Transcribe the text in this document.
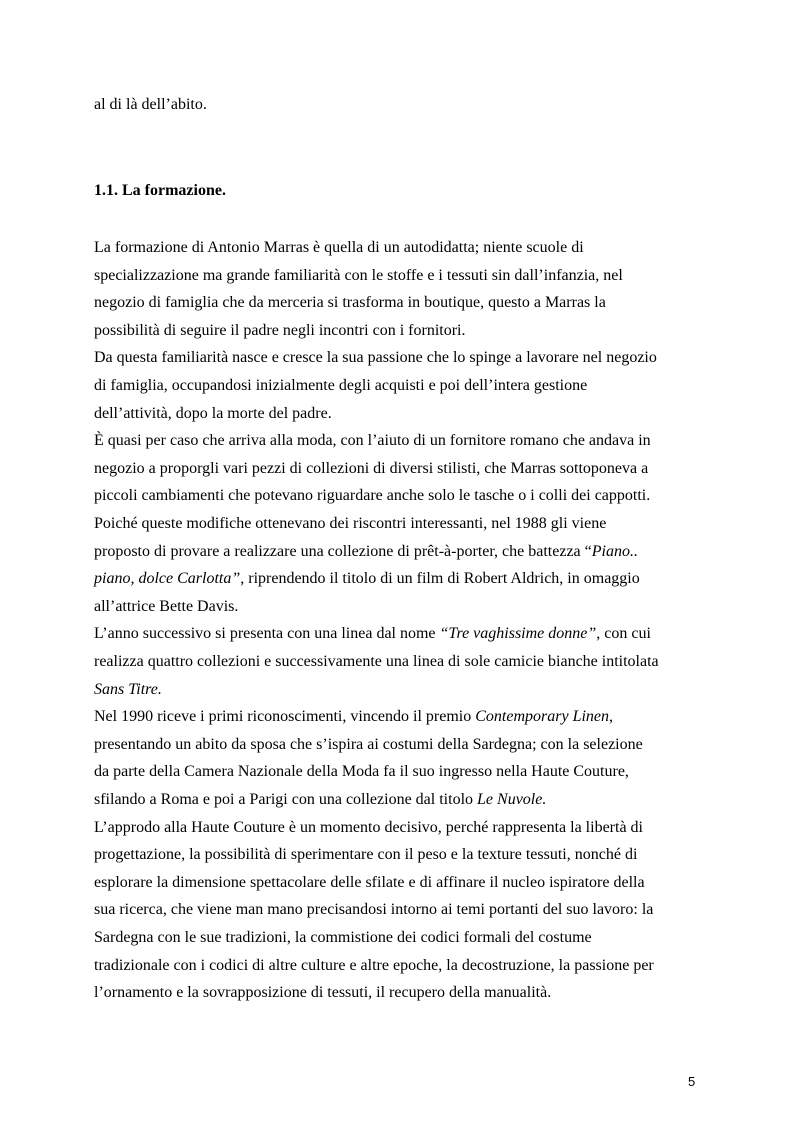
al di là dell’abito.
1.1. La formazione.
La formazione di Antonio Marras è quella di un autodidatta; niente scuole di
specializzazione ma grande familiarità con le stoffe e i tessuti sin dall’infanzia, nel
negozio di famiglia che da merceria si trasforma in boutique, questo a Marras la
possibilità di seguire il padre negli incontri con i fornitori.
Da questa familiarità nasce e cresce la sua passione che lo spinge a lavorare nel negozio
di famiglia, occupandosi inizialmente degli acquisti e poi dell’intera gestione
dell’attività, dopo la morte del padre.
È quasi per caso che arriva alla moda, con l’aiuto di un fornitore romano che andava in
negozio a proporgli vari pezzi di collezioni di diversi stilisti, che Marras sottoponeva a
piccoli cambiamenti che potevano riguardare anche solo le tasche o i colli dei cappotti.
Poiché queste modifiche ottenevano dei riscontri interessanti, nel 1988 gli viene
proposto di provare a realizzare una collezione di prêt-à-porter, che battezza “Piano..
piano, dolce Carlotta”, riprendendo il titolo di un film di Robert Aldrich, in omaggio
all’attrice Bette Davis.
L’anno successivo si presenta con una linea dal nome “Tre vaghissime donne”, con cui
realizza quattro collezioni e successivamente una linea di sole camicie bianche intitolata
Sans Titre.
Nel 1990 riceve i primi riconoscimenti, vincendo il premio Contemporary Linen,
presentando un abito da sposa che s’ispira ai costumi della Sardegna; con la selezione
da parte della Camera Nazionale della Moda fa il suo ingresso nella Haute Couture,
sfilando a Roma e poi a Parigi con una collezione dal titolo Le Nuvole.
L’approdo alla Haute Couture è un momento decisivo, perché rappresenta la libertà di
progettazione, la possibilità di sperimentare con il peso e la texture tessuti, nonché di
esplorare la dimensione spettacolare delle sfilate e di affinare il nucleo ispiratore della
sua ricerca, che viene man mano precisandosi intorno ai temi portanti del suo lavoro: la
Sardegna con le sue tradizioni, la commistione dei codici formali del costume
tradizionale con i codici di altre culture e altre epoche, la decostruzione, la passione per
l’ornamento e la sovrapposizione di tessuti, il recupero della manualità.
5
